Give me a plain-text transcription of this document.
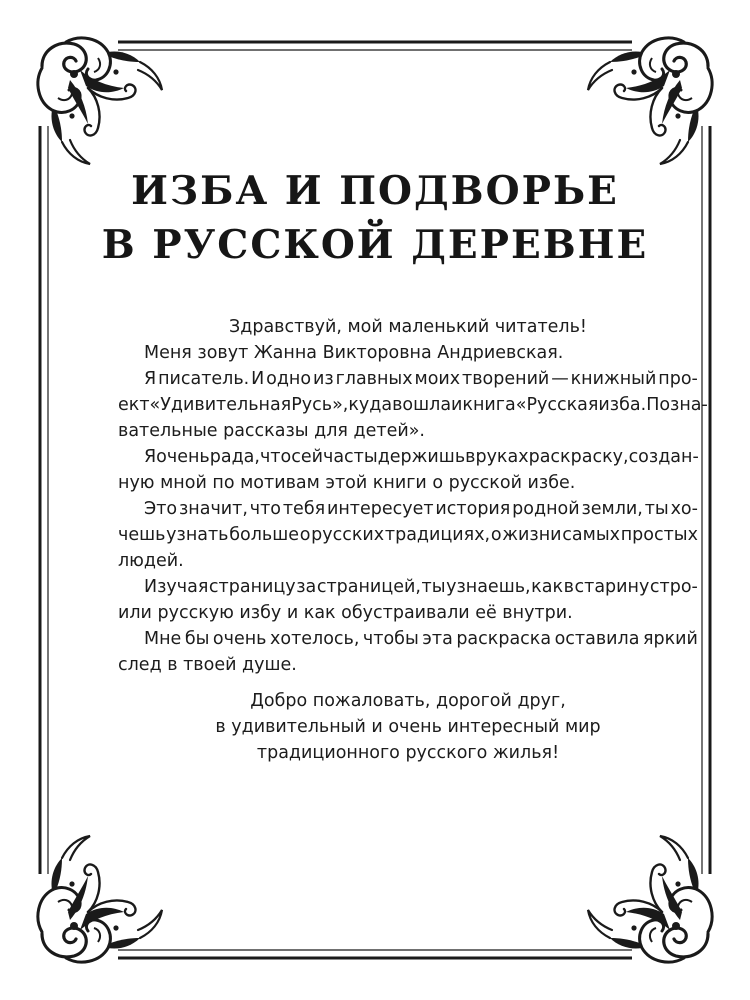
ИЗБА И ПОДВОРЬЕ
В РУССКОЙ ДЕРЕВНЕ
Здравствуй, мой маленький читатель!
Меня зовут Жанна Викторовна Андриевская.
Я писатель. И одно из главных моих творений — книжный про-
ект «Удивительная Русь», куда вошла и книга «Русская изба. Позна-
вательные рассказы для детей».
Я очень рада, что сейчас ты держишь в руках раскраску, создан-
ную мной по мотивам этой книги о русской избе.
Это значит, что тебя интересует история родной земли, ты хо-
чешь узнать больше о русских традициях, о жизни самых простых
людей.
Изучая страницу за страницей, ты узнаешь, как в старину стро-
или русскую избу и как обустраивали её внутри.
Мне бы очень хотелось, чтобы эта раскраска оставила яркий
след в твоей душе.
Добро пожаловать, дорогой друг,
в удивительный и очень интересный мир
традиционного русского жилья!
